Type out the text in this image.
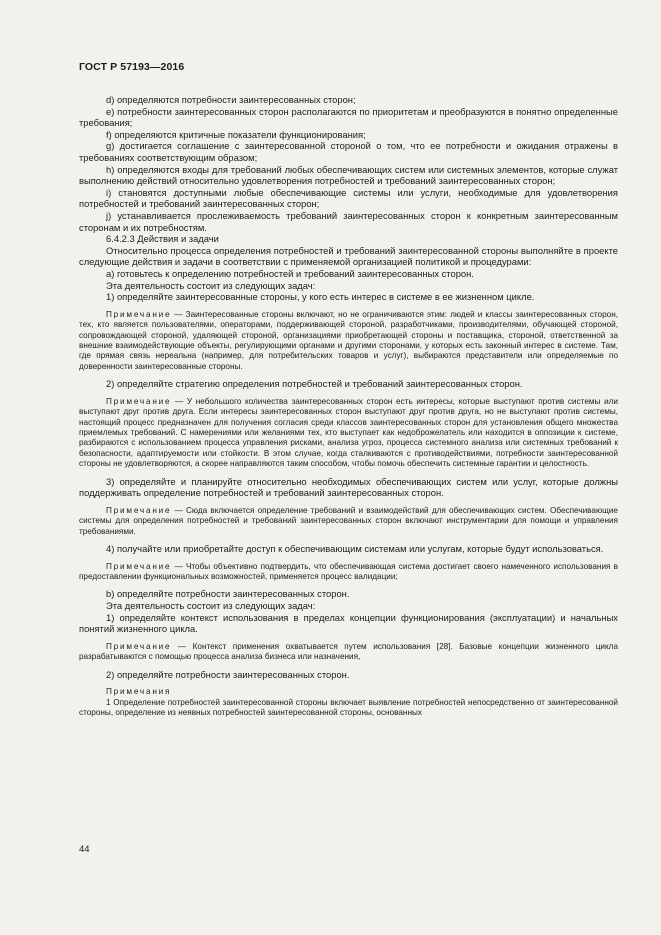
ГОСТ Р 57193—2016

d) определяются потребности заинтересованных сторон;

e) потребности заинтересованных сторон располагаются по приоритетам и преобразуются в понятно определенные требования;

f) определяются критичные показатели функционирования;

g) достигается соглашение с заинтересованной стороной о том, что ее потребности и ожидания отражены в требованиях соответствующим образом;

h) определяются входы для требований любых обеспечивающих систем или системных элементов, которые служат выполнению действий относительно удовлетворения потребностей и требований заинтересованных сторон;

i) становятся доступными любые обеспечивающие системы или услуги, необходимые для удовлетворения потребностей и требований заинтересованных сторон;

j) устанавливается прослеживаемость требований заинтересованных сторон к конкретным заинтересованным сторонам и их потребностям.

6.4.2.3 Действия и задачи

Относительно процесса определения потребностей и требований заинтересованной стороны выполняйте в проекте следующие действия и задачи в соответствии с применяемой организацией политикой и процедурами:

a) готовьтесь к определению потребностей и требований заинтересованных сторон.

Эта деятельность состоит из следующих задач:

1) определяйте заинтересованные стороны, у кого есть интерес в системе в ее жизненном цикле.

Примечание — Заинтересованные стороны включают, но не ограничиваются этим: людей и классы заинтересованных сторон, тех, кто является пользователями, операторами, поддерживающей стороной, разработчиками, производителями, обучающей стороной, сопровождающей стороной, удаляющей стороной, организациями приобретающей стороны и поставщика, стороной, ответственной за внешние взаимодействующие объекты, регулирующими органами и другими сторонами, у которых есть законный интерес в системе. Там, где прямая связь нереальна (например, для потребительских товаров и услуг), выбираются представители или определяемые по доверенности заинтересованные стороны.

2) определяйте стратегию определения потребностей и требований заинтересованных сторон.

Примечание — У небольшого количества заинтересованных сторон есть интересы, которые выступают против системы или выступают друг против друга. Если интересы заинтересованных сторон выступают друг против друга, но не выступают против системы, настоящий процесс предназначен для получения согласия среди классов заинтересованных сторон для установления общего множества приемлемых требований. С намерениями или желаниями тех, кто выступает как недоброжелатель или находится в оппозиции к системе, разбираются с использованием процесса управления рисками, анализа угроз, процесса системного анализа или системных требований к безопасности, адаптируемости или стойкости. В этом случае, когда сталкиваются с противодействиями, потребности заинтересованной стороны не удовлетворяются, а скорее направляются таким способом, чтобы помочь обеспечить системные гарантии и целостность.

3) определяйте и планируйте относительно необходимых обеспечивающих систем или услуг, которые должны поддерживать определение потребностей и требований заинтересованных сторон.

Примечание — Сюда включается определение требований и взаимодействий для обеспечивающих систем. Обеспечивающие системы для определения потребностей и требований заинтересованных сторон включают инструментарии для помощи и управления требованиями.

4) получайте или приобретайте доступ к обеспечивающим системам или услугам, которые будут использоваться.

Примечание — Чтобы объективно подтвердить, что обеспечивающая система достигает своего намеченного использования в предоставлении функциональных возможностей, применяется процесс валидации;

b) определяйте потребности заинтересованных сторон.

Эта деятельность состоит из следующих задач:

1) определяйте контекст использования в пределах концепции функционирования (эксплуатации) и начальных понятий жизненного цикла.

Примечание — Контекст применения охватывается путем использования [28]. Базовые концепции жизненного цикла разрабатываются с помощью процесса анализа бизнеса или назначения,

2) определяйте потребности заинтересованных сторон.

Примечания

1 Определение потребностей заинтересованной стороны включает выявление потребностей непосредственно от заинтересованной стороны, определение из неявных потребностей заинтересованной стороны, основанных

44
